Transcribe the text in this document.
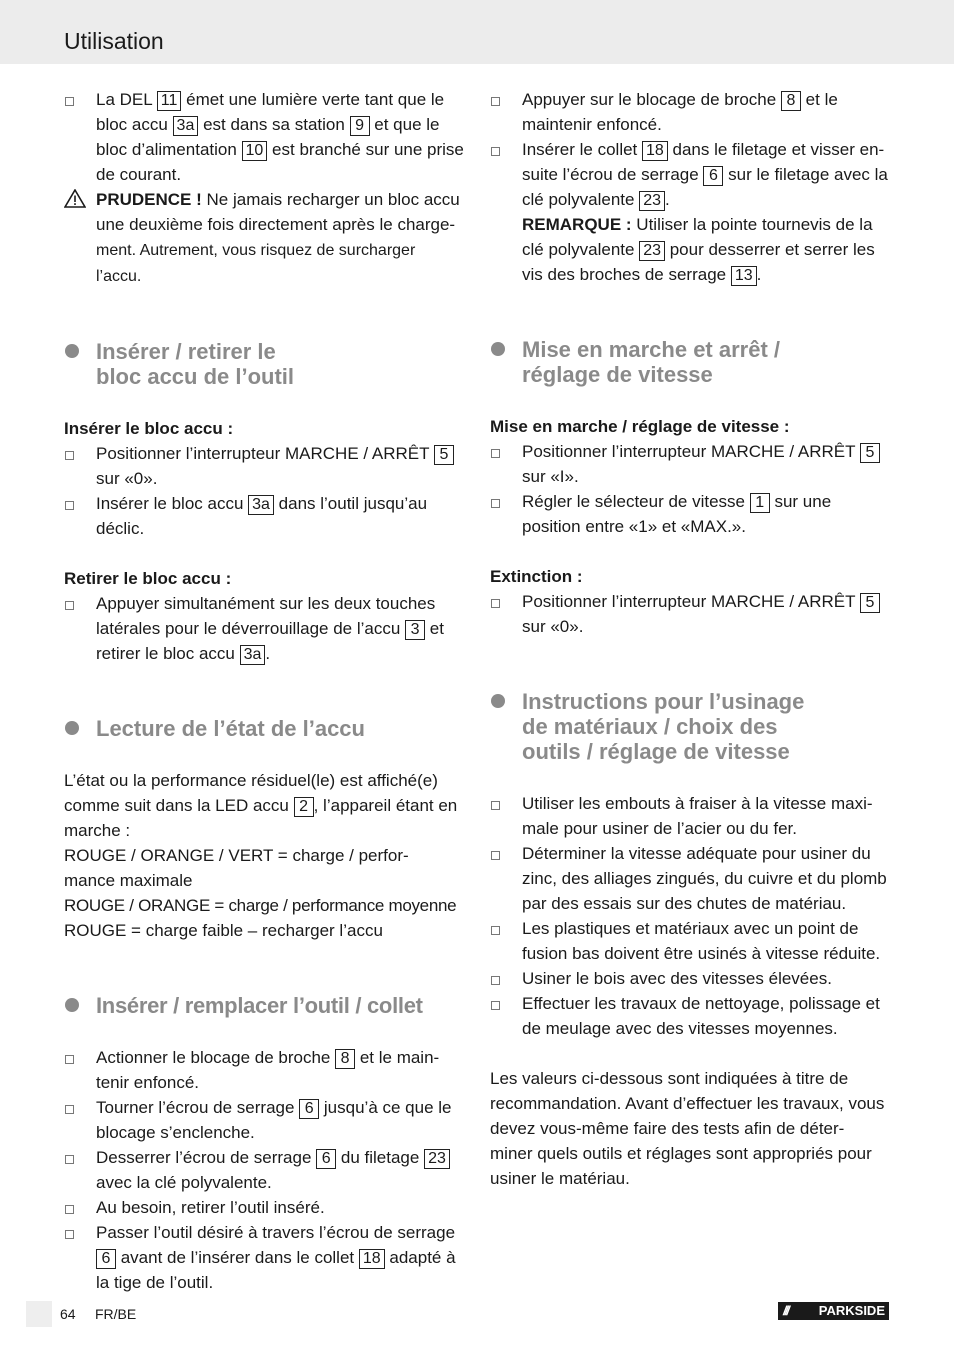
Utilisation
La DEL 11 émet une lumière verte tant que le bloc accu 3a est dans sa station 9 et que le bloc d’alimentation 10 est branché sur une prise de courant.
PRUDENCE ! Ne jamais recharger un bloc accu une deuxième fois directement après le charge-
ment. Autrement, vous risquez de surcharger l’accu.
Insérer / retirer le
bloc accu de l’outil
Insérer le bloc accu :
Positionner l’interrupteur MARCHE / ARRÊT 5 sur «0».
Insérer le bloc accu 3a dans l’outil jusqu’au déclic.
Retirer le bloc accu :
Appuyer simultanément sur les deux touches latérales pour le déverrouillage de l’accu 3 et retirer le bloc accu 3a .
Lecture de l’état de l’accu
L’état ou la performance résiduel(le) est affiché(e) comme suit dans la LED accu 2 , l’appareil étant en marche :
ROUGE / ORANGE / VERT = charge / perfor-
mance maximale
ROUGE / ORANGE = charge / performance moyenne
ROUGE = charge faible – recharger l’accu
Insérer / remplacer l’outil / collet
Actionner le blocage de broche 8 et le main-
tenir enfoncé.
Tourner l’écrou de serrage 6 jusqu’à ce que le blocage s’enclenche.
Desserrer l’écrou de serrage 6 du filetage 23 avec la clé polyvalente.
Au besoin, retirer l’outil inséré.
Passer l’outil désiré à travers l’écrou de serrage 6 avant de l’insérer dans le collet 18 adapté à la tige de l’outil.
Appuyer sur le blocage de broche 8 et le maintenir enfoncé.
Insérer le collet 18 dans le filetage et visser en-suite l’écrou de serrage 6 sur le filetage avec la clé polyvalente 23 .
REMARQUE : Utiliser la pointe tournevis de la clé polyvalente 23 pour desserrer et serrer les vis des broches de serrage 13 .
Mise en marche et arrêt /
réglage de vitesse
Mise en marche / réglage de vitesse :
Positionner l’interrupteur MARCHE / ARRÊT 5 sur «I».
Régler le sélecteur de vitesse 1 sur une position entre «1» et «MAX.».
Extinction :
Positionner l’interrupteur MARCHE / ARRÊT 5 sur «0».
Instructions pour l’usinage
de matériaux / choix des
outils / réglage de vitesse
Utiliser les embouts à fraiser à la vitesse maxi-
male pour usiner de l’acier ou du fer.
Déterminer la vitesse adéquate pour usiner du zinc, des alliages zingués, du cuivre et du plomb par des essais sur des chutes de matériau.
Les plastiques et matériaux avec un point de fusion bas doivent être usinés à vitesse réduite.
Usiner le bois avec des vitesses élevées.
Effectuer les travaux de nettoyage, polissage et de meulage avec des vitesses moyennes.
Les valeurs ci-dessous sont indiquées à titre de recommandation. Avant d’effectuer les travaux, vous devez vous-même faire des tests afin de déter-
miner quels outils et réglages sont appropriés pour usiner le matériau.
64 FR/BE	/// PARKSIDE
